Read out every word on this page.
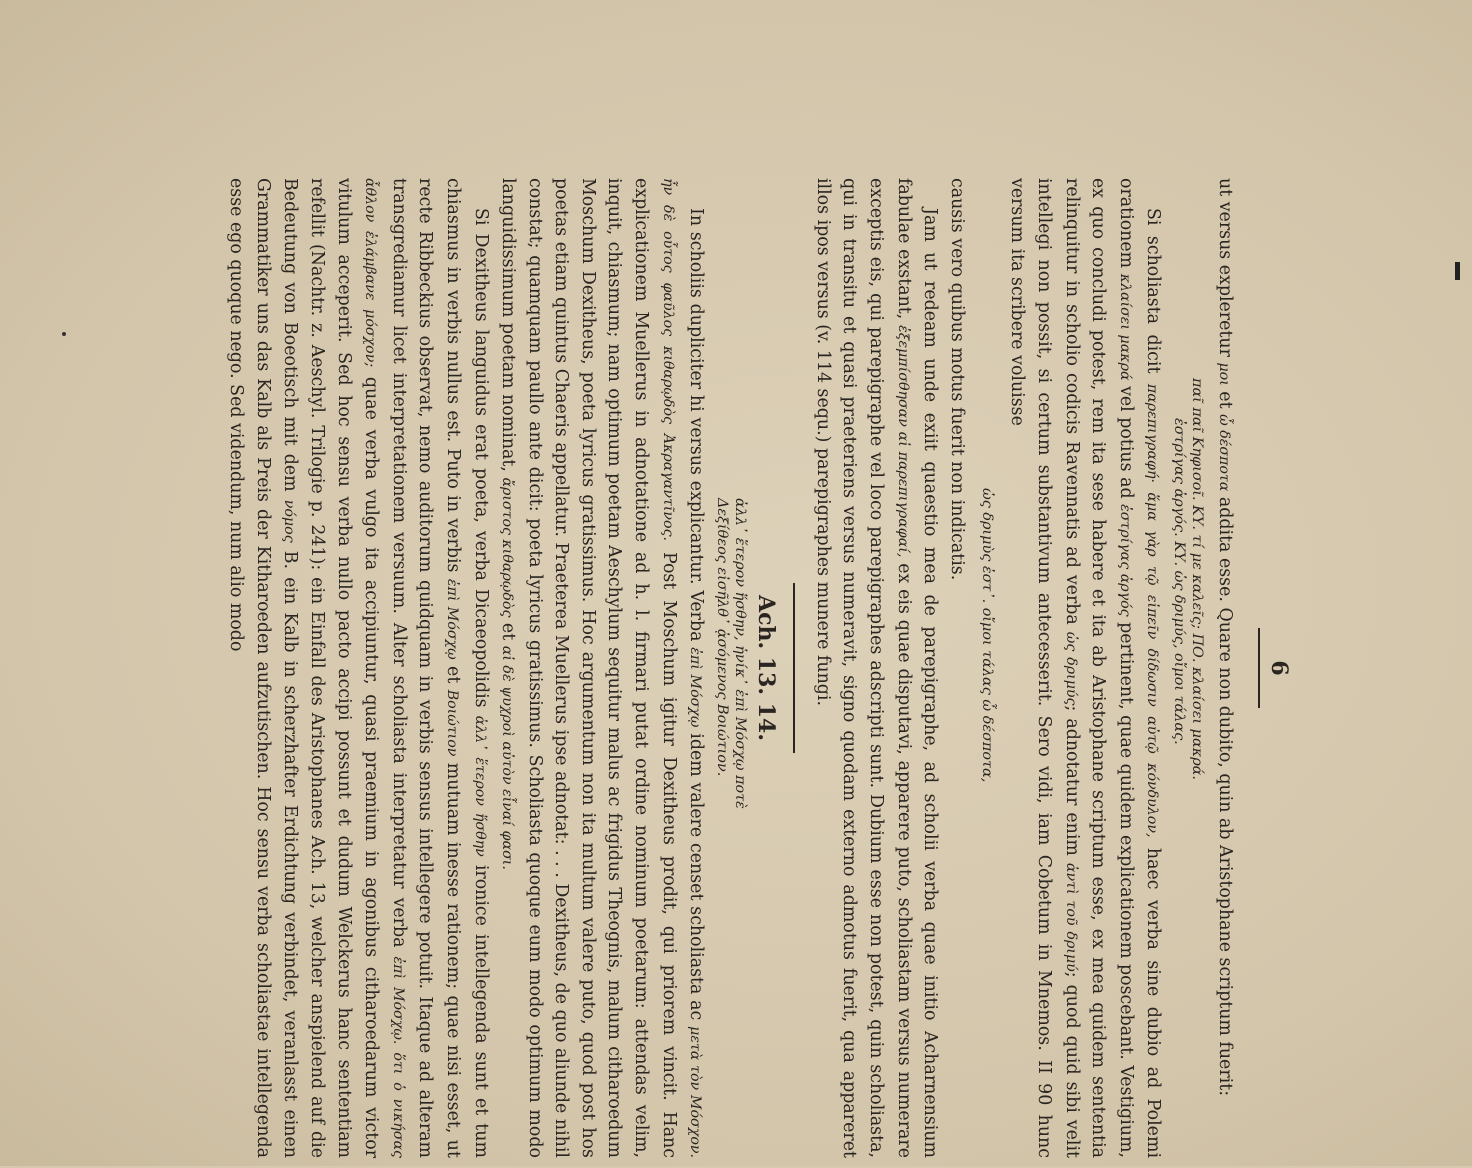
6

ut versus expleretur μοι et ὦ δέσποτα addita esse. Quare non dubito, quin ab Aristophane scriptum fuerit:

παῖ παῖ Κηφισοῖ. ΚΥ. τί με καλεῖς; ΠΟ. κλαίσει μακρά.
ἐστρίγας ἀργός. ΚΥ. ὡς δριμύς, οἴμοι τάλας.

Si scholiasta dicit παρεπιγραφή· ἅμα γὰρ τῷ εἰπεῖν δίδωσιν αὐτῷ κόνδυλον, haec verba sine dubio ad Polemi orationem κλαίσει μακρά vel potius ad ἐστρίγας ἀργός pertinent, quae quidem explicationem poscebant. Vestigium, ex quo concludi potest, rem ita sese habere et ita ab Aristophane scriptum esse, ex mea quidem sententia relinquitur in scholio codicis Ravennatis ad verba ὡς δριμύς; adnotatur enim ἀντὶ τοῦ δριμύ; quod quid sibi velit intellegi non possit, si certum substantivum antecesserit. Sero vidi, iam Cobetum in Mnemos. II 90 hunc versum ita scribere voluisse

ὡς δριμὺς ἐστ᾽. οἴμοι τάλας ὦ δέσποτα,

causis vero quibus motus fuerit non indicatis.

Jam ut redeam unde exiit quaestio mea de parepigraphe, ad scholii verba quae initio Acharnensium fabulae exstant, ἐξεμπίσθησαν αἱ παρεπιγραφαί, ex eis quae disputavi, apparere puto, scholiastam versus numerare exceptis eis, qui parepigraphe vel loco parepigraphes adscripti sunt. Dubium esse non potest, quin scholiasta, qui in transitu et quasi praeteriens versus numeravit, signo quodam externo admotus fuerit, qua appareret illos ipos versus (v. 114 sequ.) parepigraphes munere fungi.

Ach. 13. 14.
ἀλλ᾽ ἕτερον ἥσθην, ἡνίκ᾽ ἐπὶ Μόσχῳ ποτὲ
Δεξίθεος εἰσῆλθ᾽ ᾀσόμενος Βοιώτιον.

In scholiis dupliciter hi versus explicantur. Verba ἐπὶ Μόσχῳ idem valere censet scholiasta ac μετὰ τὸν Μόσχον. ἦν δὲ οὗτος φαῦλος κιθαρῳδὸς Ἀκραγαντῖνος. Post Moschum igitur Dexitheus prodit, qui priorem vincit. Hanc explicationem Muellerus in adnotatione ad h. l. firmari putat ordine nominum poetarum: attendas velim, inquit, chiasmum; nam optimum poetam Aeschylum sequitur malus ac frigidus Theognis, malum citharoedum Moschum Dexitheus, poeta lyricus gratissimus. Hoc argumentum non ita multum valere puto, quod post hos poetas etiam quintus Chaeris appellatur. Praeterea Muellerus ipse adnotat: . . . Dexitheus, de quo aliunde nihil constat; quamquam paullo ante dicit: poeta lyricus gratissimus. Scholiasta quoque eum modo optimum modo languidissimum poetam nominat, ἄριστος κιθαρῳδὸς et αἱ δὲ ψυχροὶ αὐτὸν εἶναί φασι.

Si Dexitheus languidus erat poeta, verba Dicaeopolidis ἀλλ᾽ ἕτερον ἥσθην ironice intellegenda sunt et tum chiasmus in verbis nullus est. Puto in verbis ἐπὶ Μόσχῳ et Βοιώτιον mutuam inesse rationem; quae nisi esset, ut recte Ribbeckius observat, nemo auditorum quidquam in verbis sensus intellegere potuit. Itaque ad alteram transgrediamur licet interpretationem versuum. Alter scholiasta interpretatur verba ἐπὶ Μόσχῳ. ὅτι ὁ νικήσας ἆθλον ἐλάμβανε μόσχον; quae verba vulgo ita accipiuntur, quasi praemium in agonibus citharoedarum victor vitulum acceperit. Sed hoc sensu verba nullo pacto accipi possunt et dudum Welckerus hanc sententiam refellit (Nachtr. z. Aeschyl. Trilogie p. 241): ein Einfall des Aristophanes Ach. 13, welcher anspielend auf die Bedeutung von Boeotisch mit dem νόμος B. ein Kalb in scherzhafter Erdichtung verbindet, veranlasst einen Grammatiker uns das Kalb als Preis der Kitharoeden aufzutischen. Hoc sensu verba scholiastae intellegenda esse ego quoque nego. Sed videndum, num alio modo
